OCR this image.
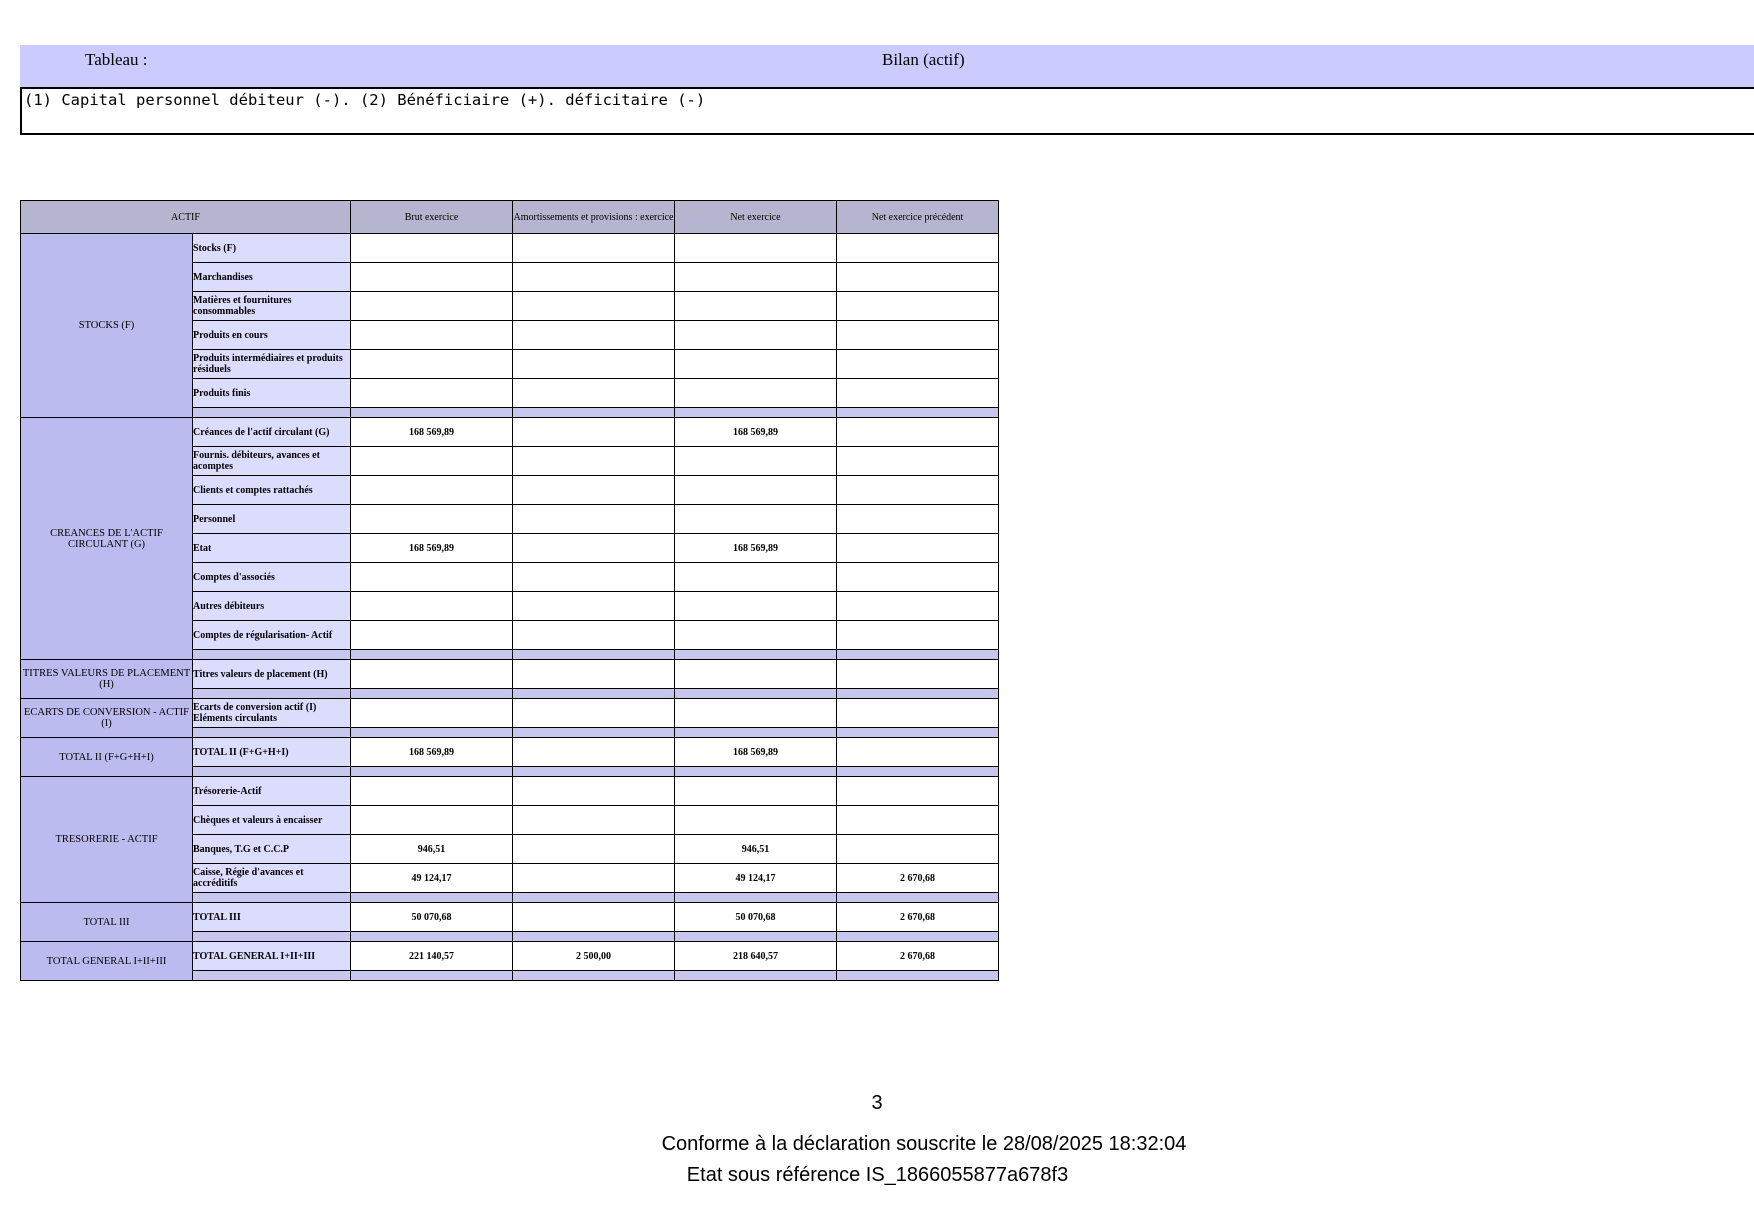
Tableau :	Bilan (actif)
(1) Capital personnel débiteur (-). (2) Bénéficiaire (+). déficitaire (-)
ACTIF		Brut exercice	Amortissements et provisions : exercice	Net exercice	Net exercice précédent
STOCKS (F)	Stocks (F)				
	Marchandises				
	Matières et fournitures consommables				
	Produits en cours				
	Produits intermédiaires et produits résiduels				
	Produits finis				

CREANCES DE L'ACTIF CIRCULANT (G)	Créances de l'actif circulant (G)	168 569,89		168 569,89	
	Fournis. débiteurs, avances et acomptes				
	Clients et comptes rattachés				
	Personnel				
	Etat	168 569,89		168 569,89	
	Comptes d'associés				
	Autres débiteurs				
	Comptes de régularisation- Actif				

TITRES VALEURS DE PLACEMENT (H)	Titres valeurs de placement (H)				

ECARTS DE CONVERSION - ACTIF (I)	Ecarts de conversion actif (I) Eléments circulants				

TOTAL II (F+G+H+I)	TOTAL II (F+G+H+I)	168 569,89		168 569,89	

TRESORERIE - ACTIF	Trésorerie-Actif				
	Chèques et valeurs à encaisser				
	Banques, T.G et C.C.P	946,51		946,51	
	Caisse, Régie d'avances et accréditifs	49 124,17		49 124,17	2 670,68

TOTAL III	TOTAL III	50 070,68		50 070,68	2 670,68

TOTAL GENERAL I+II+III	TOTAL GENERAL I+II+III	221 140,57	2 500,00	218 640,57	2 670,68

3
Conforme à la déclaration souscrite le 28/08/2025 18:32:04
Etat sous référence IS_1866055877a678f3
